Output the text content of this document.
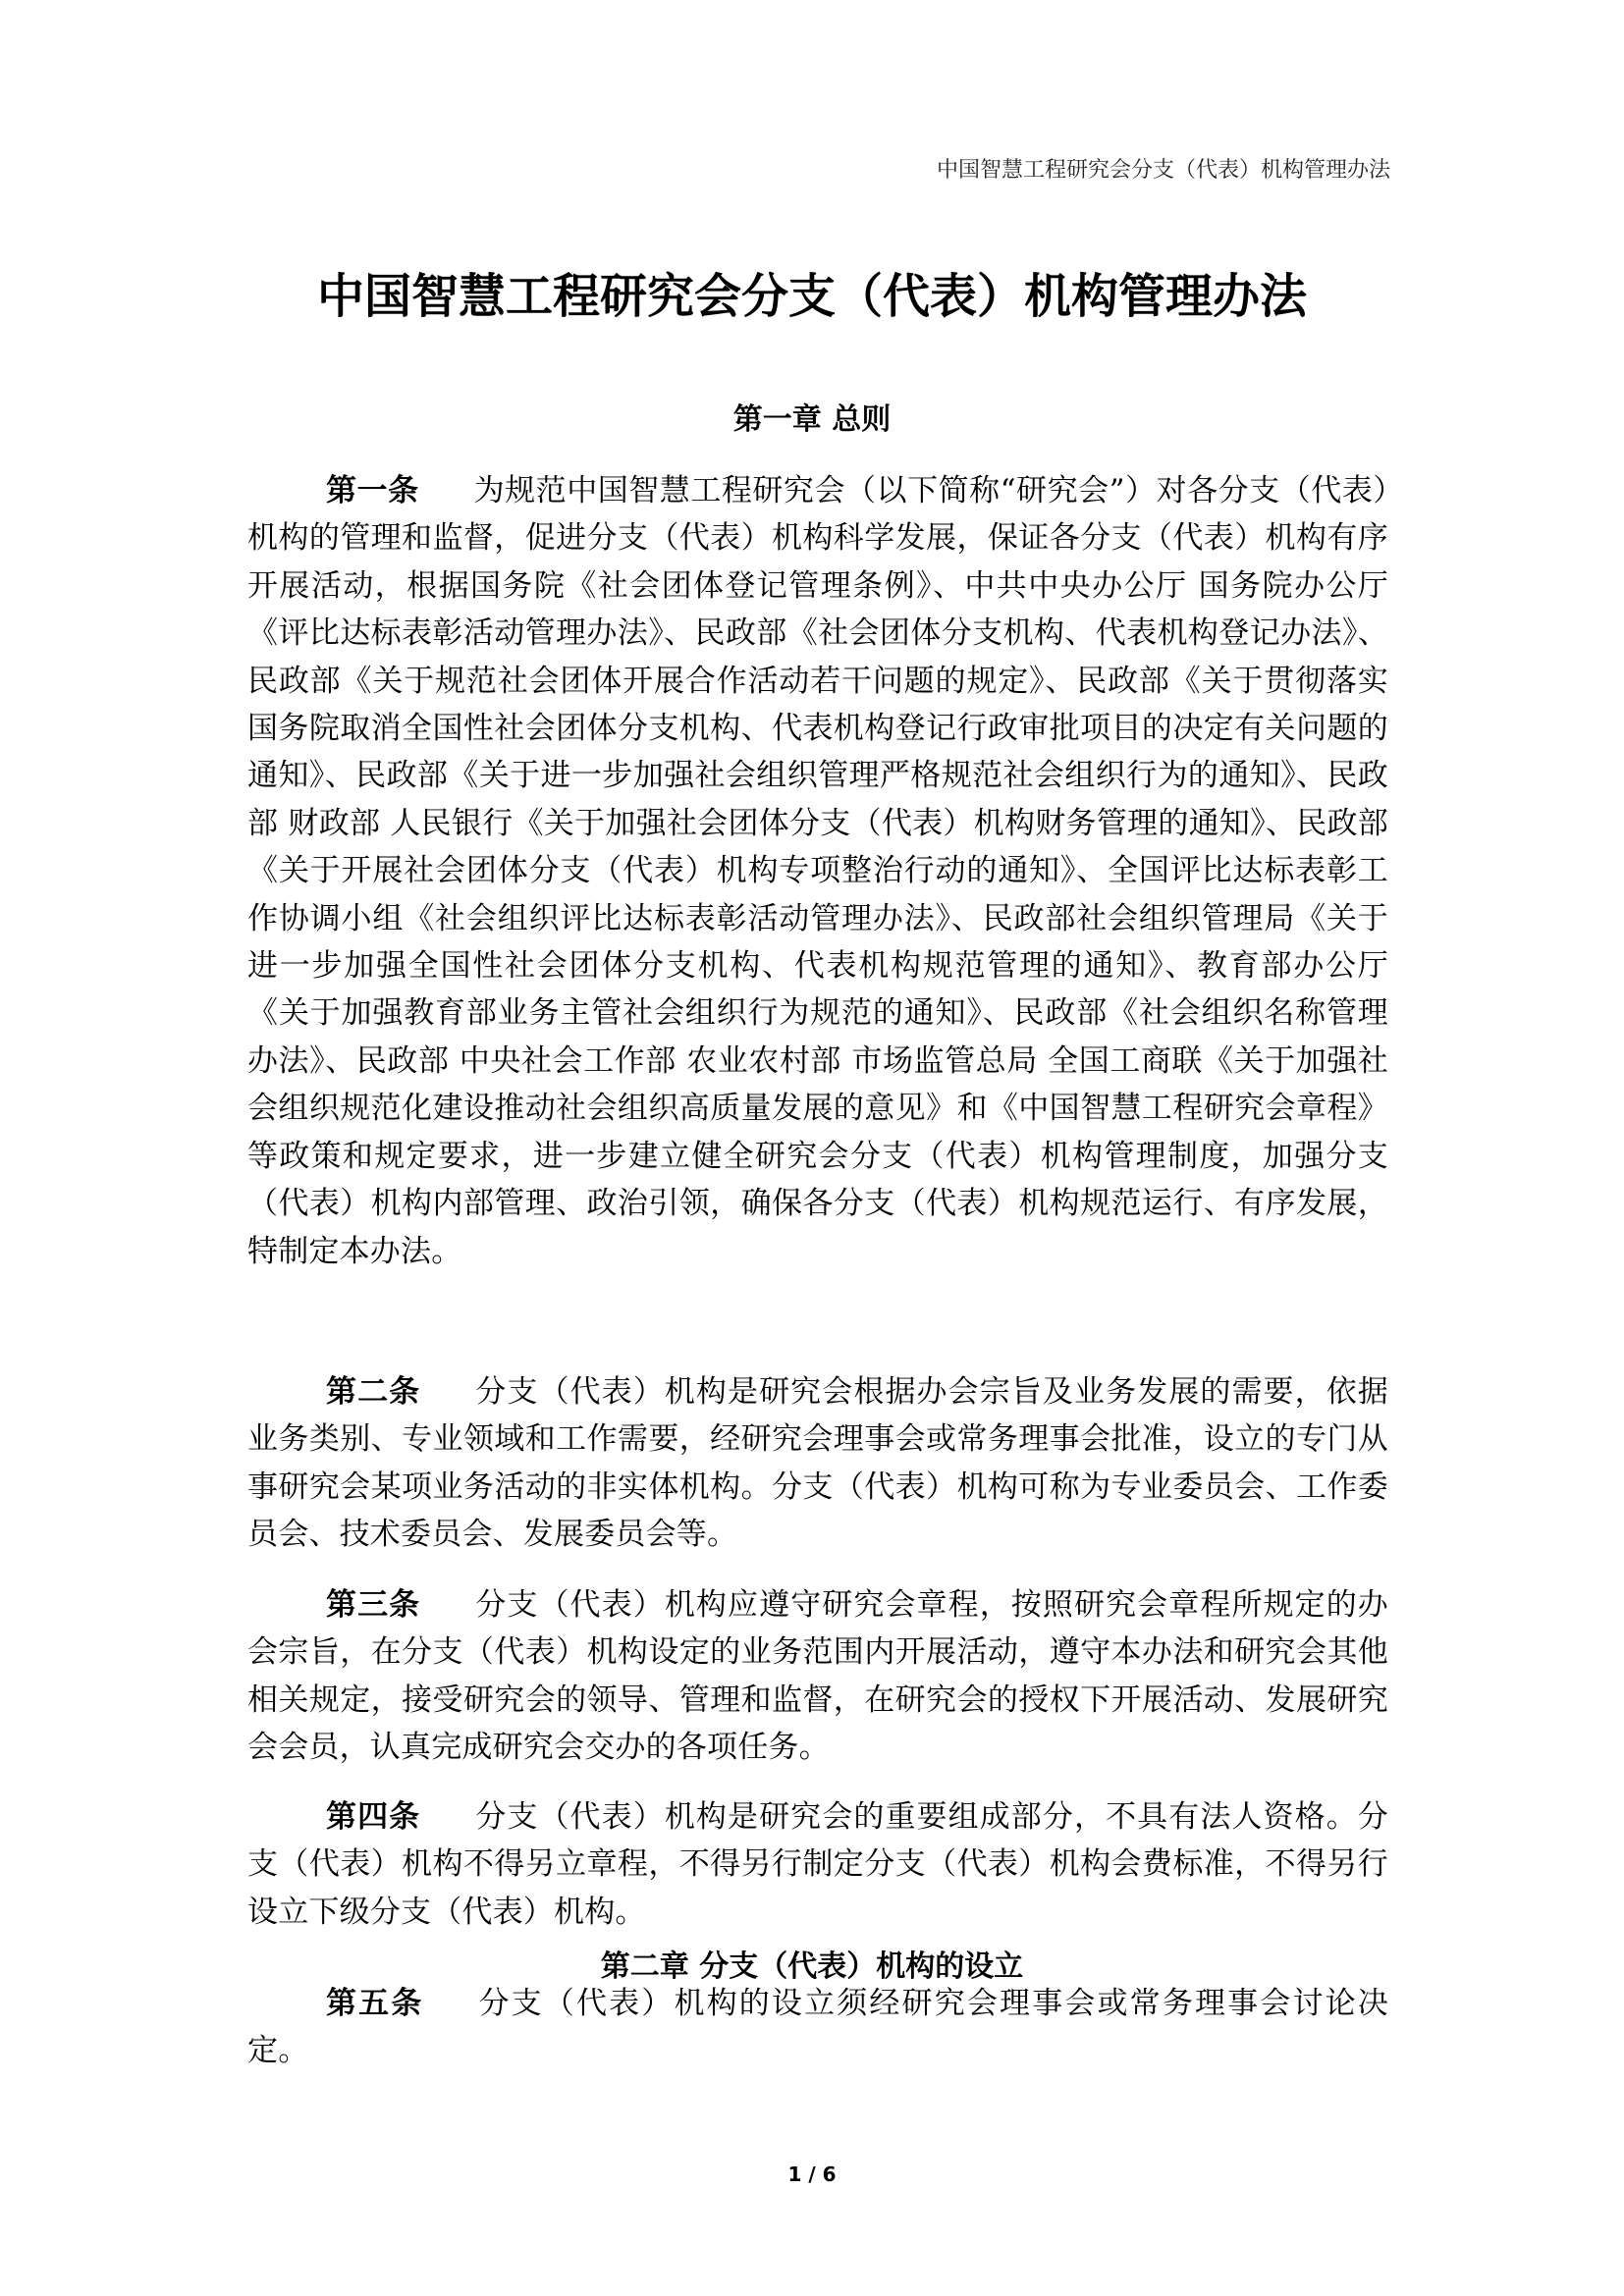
中国智慧工程研究会分支（代表）机构管理办法
中国智慧工程研究会分支（代表）机构管理办法
第一章 总则

第一条 为规范中国智慧工程研究会（以下简称“研究会”）对各分支（代表）机构的管理和监督，促进分支（代表）机构科学发展，保证各分支（代表）机构有序开展活动，根据国务院《社会团体登记管理条例》、中共中央办公厅 国务院办公厅《评比达标表彰活动管理办法》、民政部《社会团体分支机构、代表机构登记办法》、民政部《关于规范社会团体开展合作活动若干问题的规定》、民政部《关于贯彻落实国务院取消全国性社会团体分支机构、代表机构登记行政审批项目的决定有关问题的通知》、民政部《关于进一步加强社会组织管理严格规范社会组织行为的通知》、民政部 财政部 人民银行《关于加强社会团体分支（代表）机构财务管理的通知》、民政部《关于开展社会团体分支（代表）机构专项整治行动的通知》、全国评比达标表彰工作协调小组《社会组织评比达标表彰活动管理办法》、民政部社会组织管理局《关于进一步加强全国性社会团体分支机构、代表机构规范管理的通知》、教育部办公厅《关于加强教育部业务主管社会组织行为规范的通知》、民政部《社会组织名称管理办法》、民政部 中央社会工作部 农业农村部 市场监管总局 全国工商联《关于加强社会组织规范化建设推动社会组织高质量发展的意见》和《中国智慧工程研究会章程》等政策和规定要求，进一步建立健全研究会分支（代表）机构管理制度，加强分支（代表）机构内部管理、政治引领，确保各分支（代表）机构规范运行、有序发展，特制定本办法。

第二条 分支（代表）机构是研究会根据办会宗旨及业务发展的需要，依据业务类别、专业领域和工作需要，经研究会理事会或常务理事会批准，设立的专门从事研究会某项业务活动的非实体机构。分支（代表）机构可称为专业委员会、工作委员会、技术委员会、发展委员会等。

第三条 分支（代表）机构应遵守研究会章程，按照研究会章程所规定的办会宗旨，在分支（代表）机构设定的业务范围内开展活动，遵守本办法和研究会其他相关规定，接受研究会的领导、管理和监督，在研究会的授权下开展活动、发展研究会会员，认真完成研究会交办的各项任务。

第四条 分支（代表）机构是研究会的重要组成部分，不具有法人资格。分支（代表）机构不得另立章程，不得另行制定分支（代表）机构会费标准，不得另行设立下级分支（代表）机构。

第二章 分支（代表）机构的设立

第五条 分支（代表）机构的设立须经研究会理事会或常务理事会讨论决定。

1 / 6
